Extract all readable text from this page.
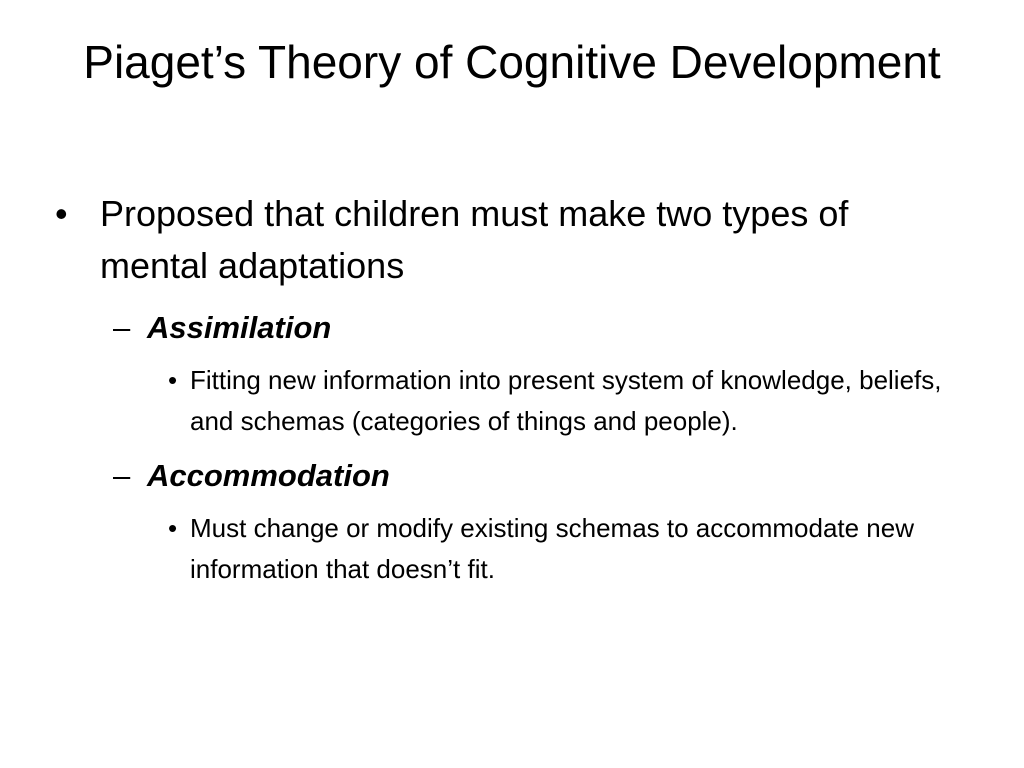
Piaget’s Theory of Cognitive Development
• Proposed that children must make two types of mental adaptations
– Assimilation
• Fitting new information into present system of knowledge, beliefs, and schemas (categories of things and people).
– Accommodation
• Must change or modify existing schemas to accommodate new information that doesn’t fit.
